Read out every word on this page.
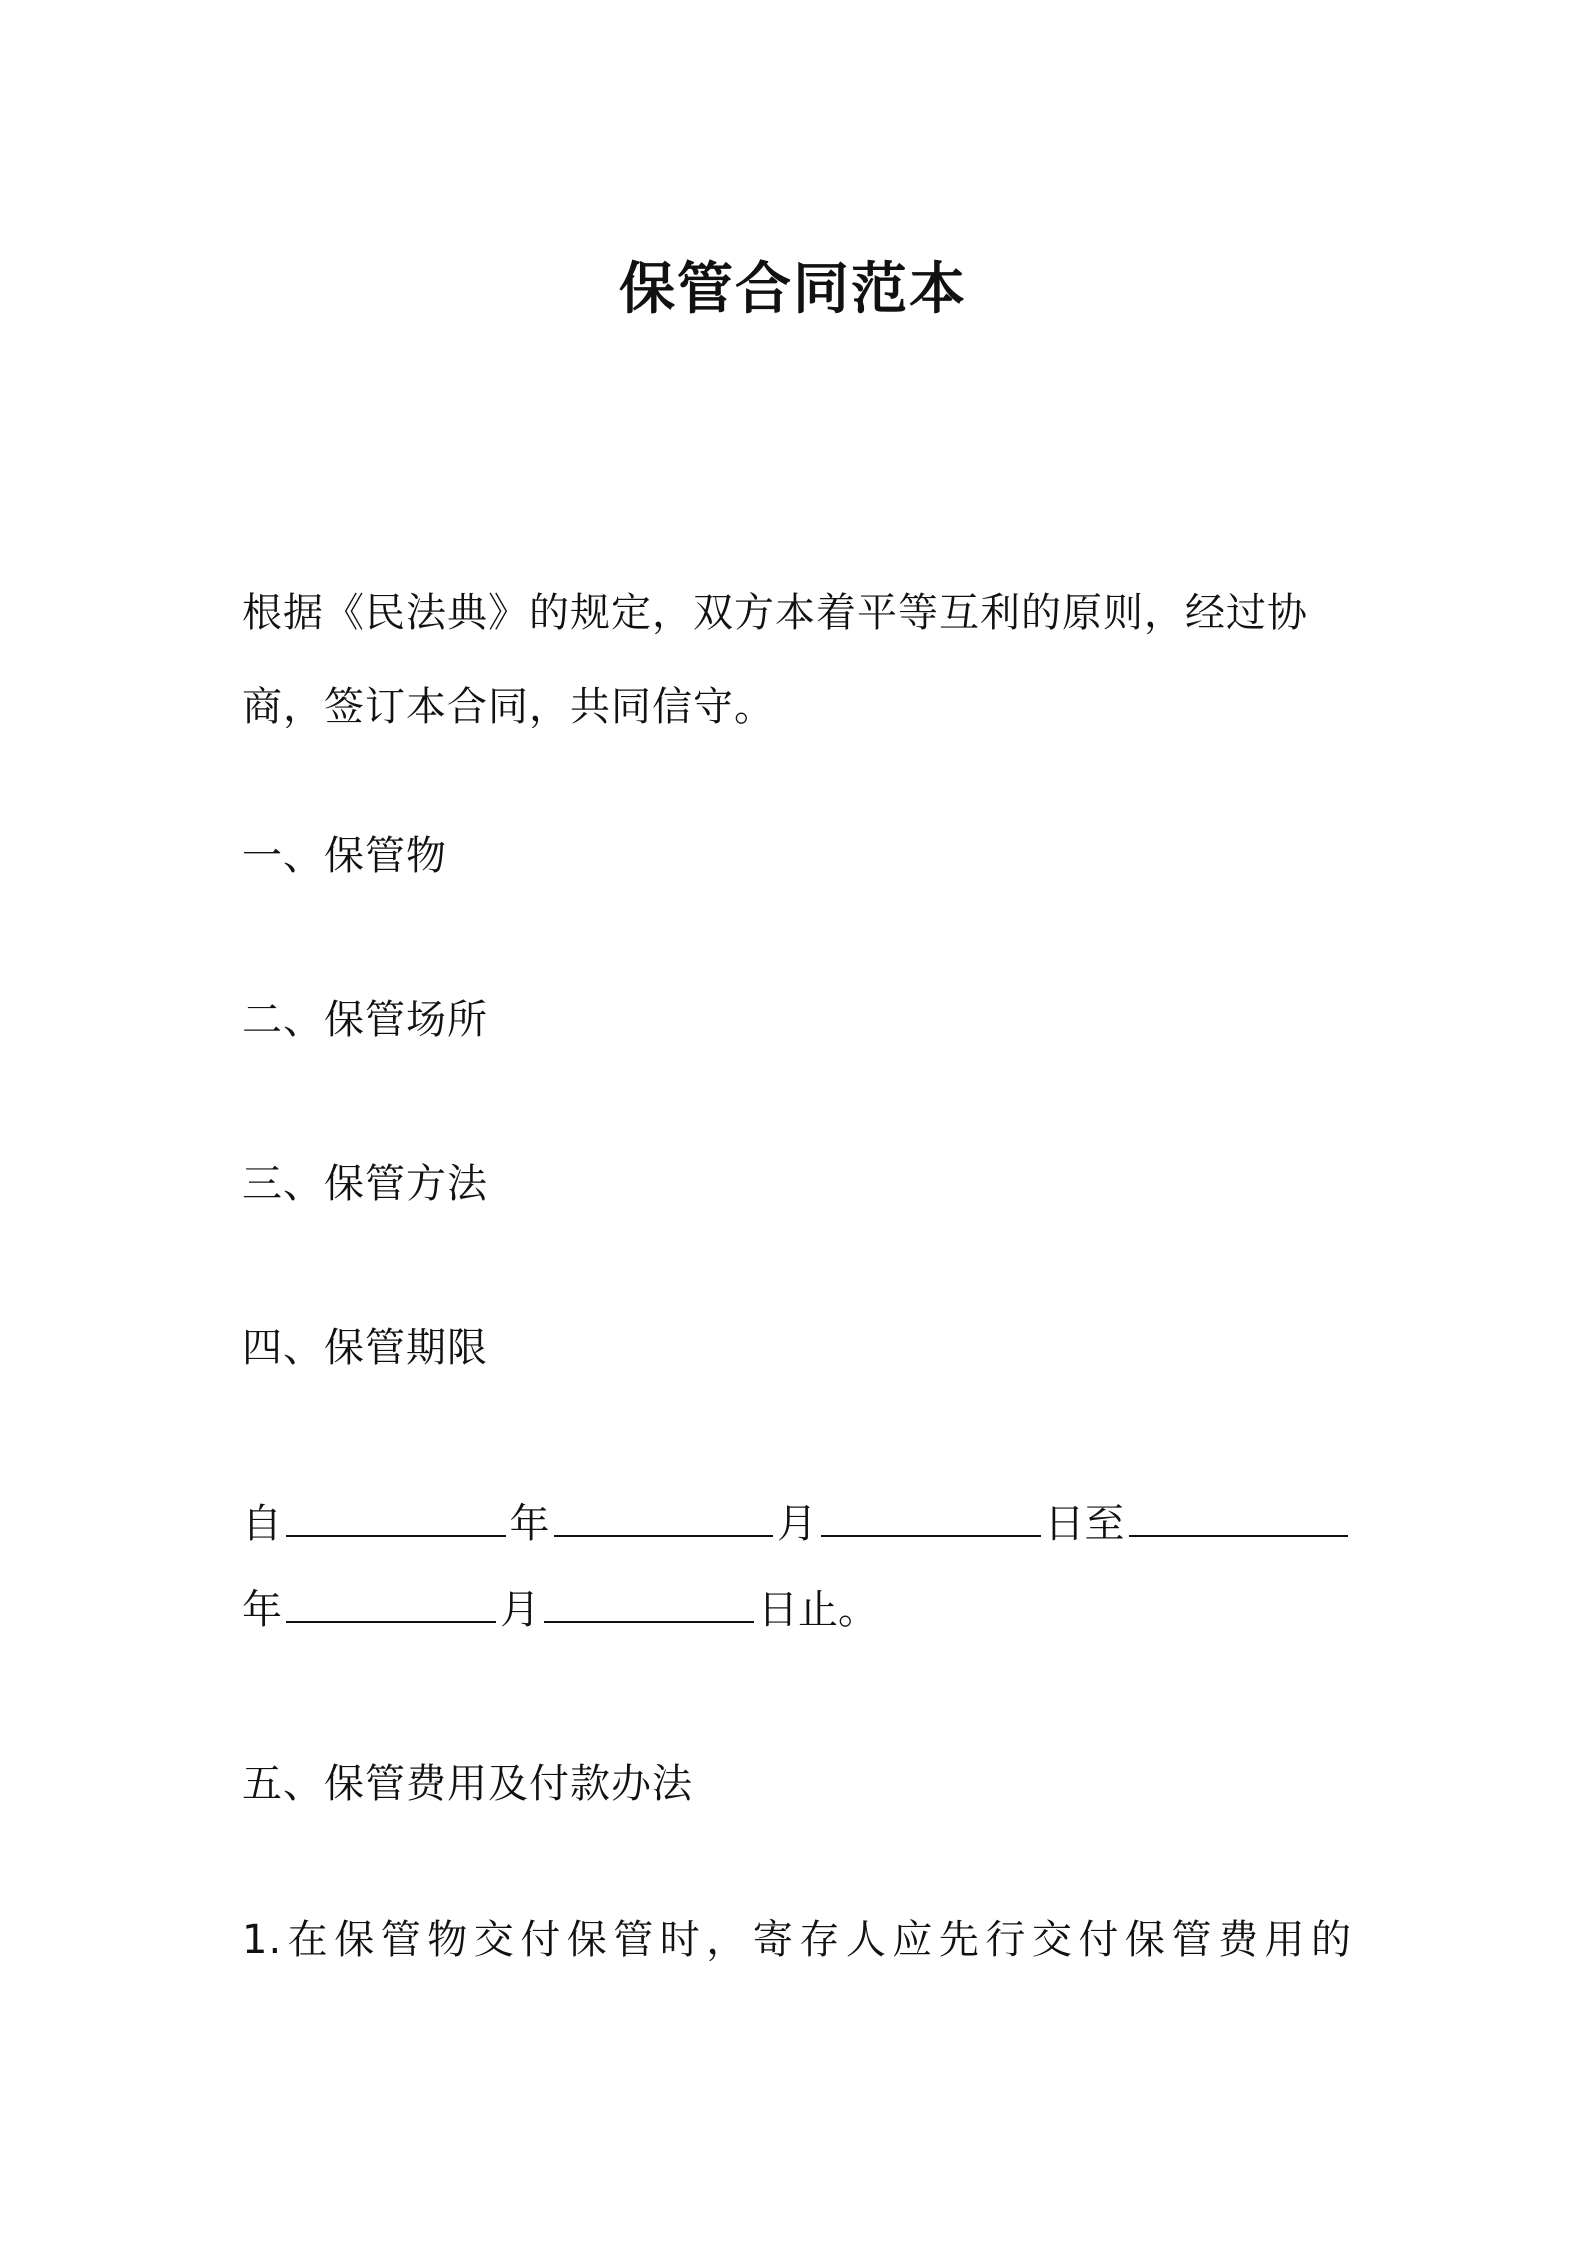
保管合同范本

根据《民法典》的规定，双方本着平等互利的原则，经过协商，签订本合同，共同信守。

一、保管物

二、保管场所

三、保管方法

四、保管期限

自	年	月	日至
年	月	日止。

五、保管费用及付款办法

1.在保管物交付保管时，寄存人应先行交付保管费用的
